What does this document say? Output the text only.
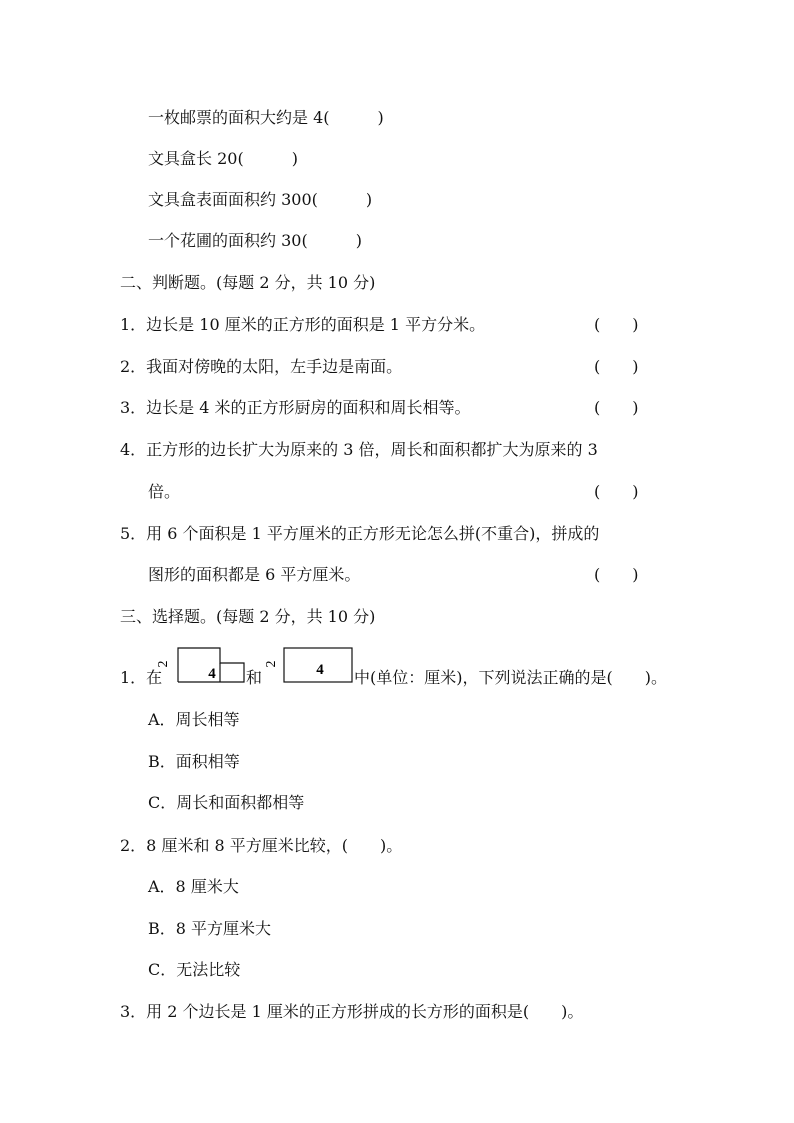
一枚邮票的面积大约是 4(　　　)
文具盒长 20(　　　)
文具盒表面面积约 300(　　　)
一个花圃的面积约 30(　　　)
二、判断题。(每题 2 分，共 10 分)
1．边长是 10 厘米的正方形的面积是 1 平方分米。	(　　)
2．我面对傍晚的太阳，左手边是南面。	(　　)
3．边长是 4 米的正方形厨房的面积和周长相等。	(　　)
4．正方形的边长扩大为原来的 3 倍，周长和面积都扩大为原来的 3
倍。	(　　)
5．用 6 个面积是 1 平方厘米的正方形无论怎么拼(不重合)，拼成的
图形的面积都是 6 平方厘米。	(　　)
三、选择题。(每题 2 分，共 10 分)
1．在
2
4 和
2 4 中(单位：厘米)，下列说法正确的是(　　)。
A．周长相等
B．面积相等
C．周长和面积都相等
2．8 厘米和 8 平方厘米比较，(　　)。
A．8 厘米大
B．8 平方厘米大
C．无法比较
3．用 2 个边长是 1 厘米的正方形拼成的长方形的面积是(　　)。
